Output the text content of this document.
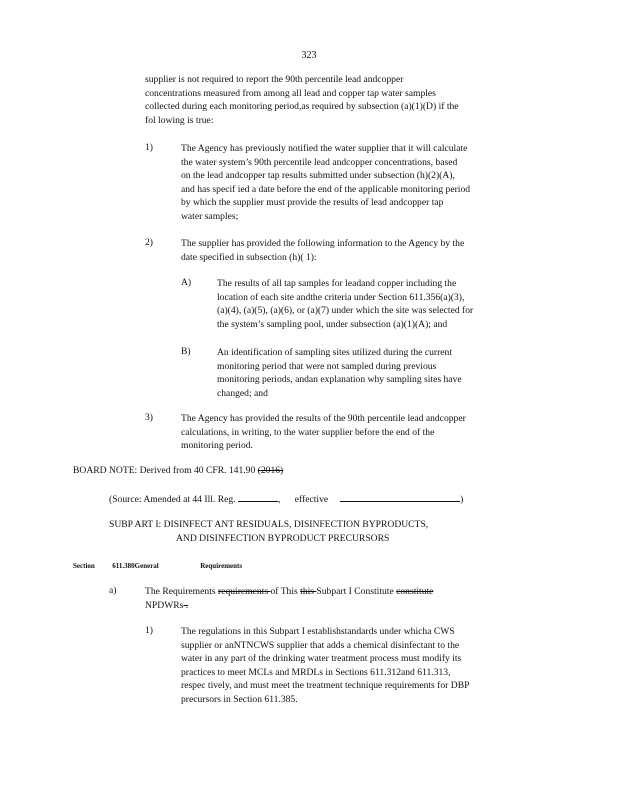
323
supplier is not required to report the 90th percentile lead andcopper
concentrations measured from among all lead and copper tap water samples
collected during each monitoring period,as required by subsection (a)(1)(D) if the
fol lowing is true:
1)	The Agency has previously notified the water supplier that it will calculate
the water system’s 90th percentile lead andcopper concentrations, based
on the lead andcopper tap results submitted under subsection (h)(2)(A),
and has specif ied a date before the end of the applicable monitoring period
by which the supplier must provide the results of lead andcopper tap
water samples;
2)	The supplier has provided the following information to the Agency by the
date specified in subsection (h)( 1):
A)	The results of all tap samples for leadand copper including the
location of each site andthe criteria under Section 611.356(a)(3),
(a)(4), (a)(5), (a)(6), or (a)(7) under which the site was selected for
the system’s sampling pool, under subsection (a)(1)(A); and
B)	An identification of sampling sites utilized during the current
monitoring period that were not sampled during previous
monitoring periods, andan explanation why sampling sites have
changed; and
3)	The Agency has provided the results of the 90th percentile lead andcopper
calculations, in writing, to the water supplier before the end of the
monitoring period.
BOARD NOTE: Derived from 40 CFR. 141.90 (2016)
(Source: Amended at 44 Ill. Reg.	, effective	)
SUBP ART I: DISINFECT ANT RESIDUALS, DISINFECTION BYPRODUCTS,
AND DISINFECTION BYPRODUCT PRECURSORS
Section	611.380General	Requirements
a)	The Requirements requirements of This this Subpart I Constitute constitute
NPDWRs .
1)	The regulations in this Subpart I establishstandards under whicha CWS
supplier or anNTNCWS supplier that adds a chemical disinfectant to the
water in any part of the drinking water treatment process must modify its
practices to meet MCLs and MRDLs in Sections 611.312and 611.313,
respec tively, and must meet the treatment technique requirements for DBP
precursors in Section 611.385.
